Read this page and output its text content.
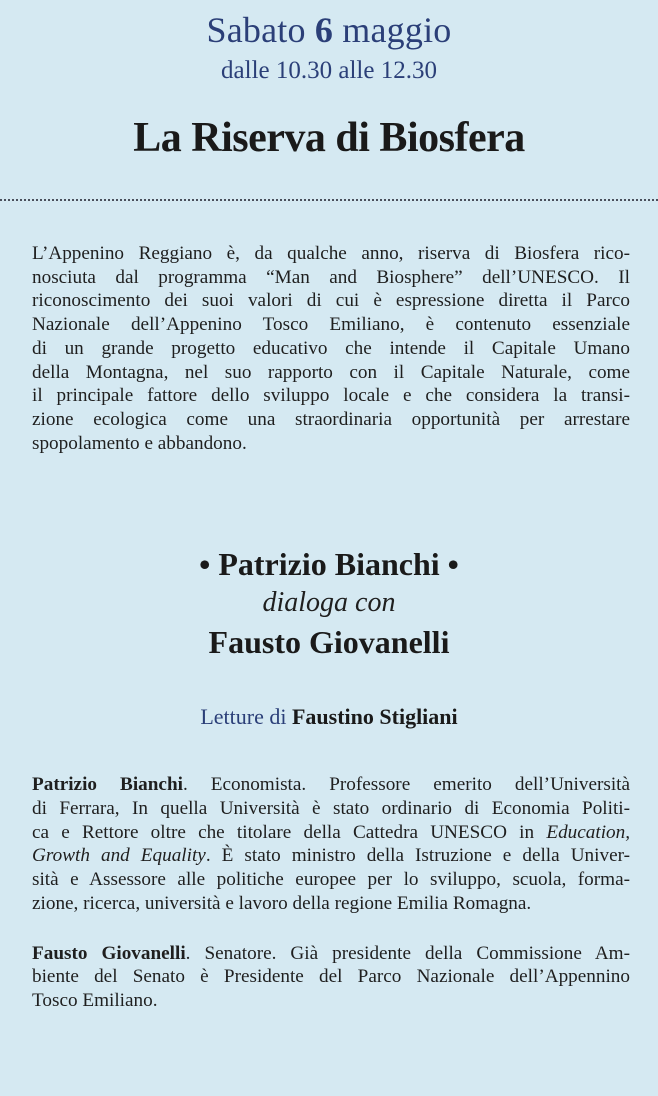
Sabato 6 maggio
dalle 10.30 alle 12.30
La Riserva di Biosfera
L’Appenino Reggiano è, da qualche anno, riserva di Biosfera rico-
nosciuta dal programma “Man and Biosphere” dell’UNESCO. Il
riconoscimento dei suoi valori di cui è espressione diretta il Parco
Nazionale dell’Appenino Tosco Emiliano, è contenuto essenziale
di un grande progetto educativo che intende il Capitale Umano
della Montagna, nel suo rapporto con il Capitale Naturale, come
il principale fattore dello sviluppo locale e che considera la transi-
zione ecologica come una straordinaria opportunità per arrestare
spopolamento e abbandono.
• Patrizio Bianchi •
dialoga con
Fausto Giovanelli
Letture di Faustino Stigliani
Patrizio Bianchi. Economista. Professore emerito dell’Università
di Ferrara, In quella Università è stato ordinario di Economia Politi-
ca e Rettore oltre che titolare della Cattedra UNESCO in Education,
Growth and Equality. È stato ministro della Istruzione e della Univer-
sità e Assessore alle politiche europee per lo sviluppo, scuola, forma-
zione, ricerca, università e lavoro della regione Emilia Romagna.
Fausto Giovanelli. Senatore. Già presidente della Commissione Am-
biente del Senato è Presidente del Parco Nazionale dell’Appennino
Tosco Emiliano.
